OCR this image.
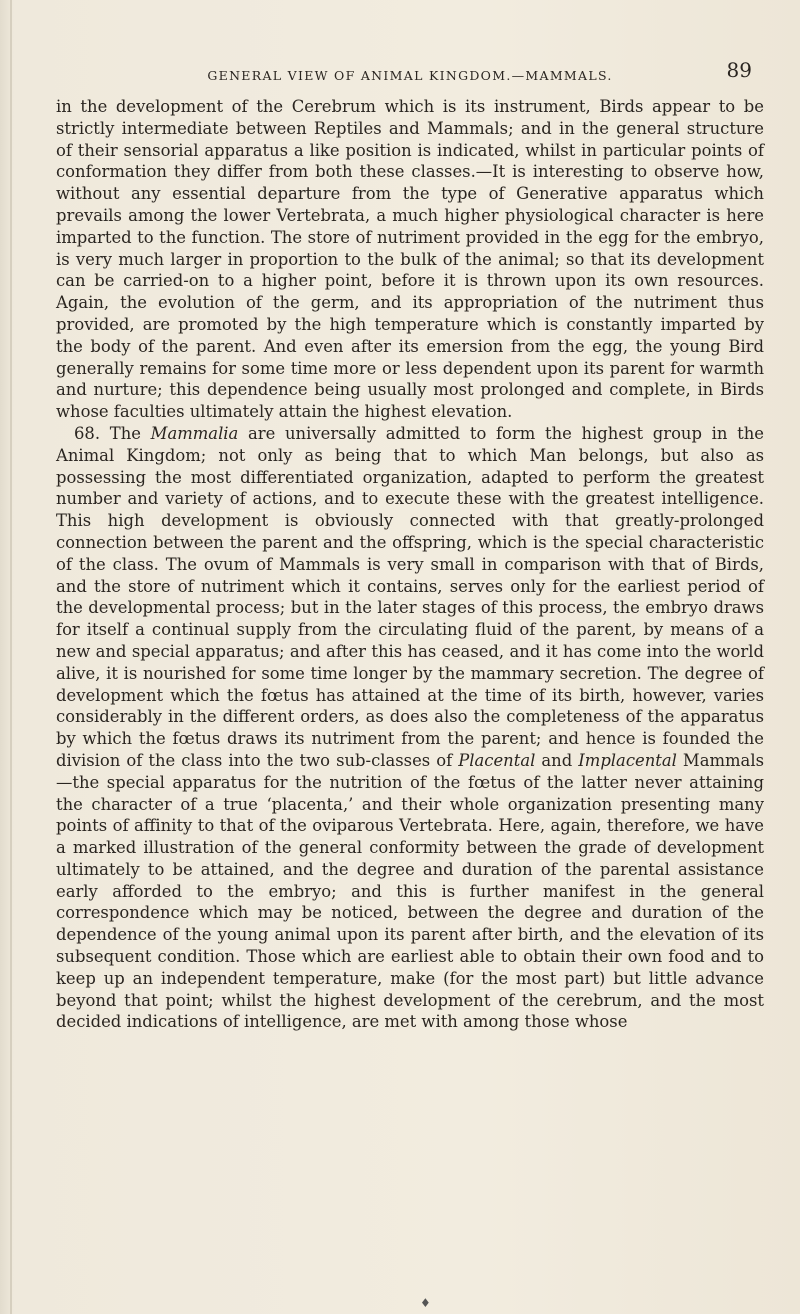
GENERAL VIEW OF ANIMAL KINGDOM.—MAMMALS.	89

in the development of the Cerebrum which is its instrument, Birds appear to be strictly intermediate between Reptiles and Mammals; and in the general structure of their sensorial apparatus a like position is indicated, whilst in particular points of conformation they differ from both these classes.—It is interesting to observe how, without any essential departure from the type of Generative apparatus which prevails among the lower Vertebrata, a much higher physiological character is here imparted to the function. The store of nutriment provided in the egg for the embryo, is very much larger in proportion to the bulk of the animal; so that its development can be carried-on to a higher point, before it is thrown upon its own resources. Again, the evolution of the germ, and its appropriation of the nutriment thus provided, are promoted by the high temperature which is constantly imparted by the body of the parent. And even after its emersion from the egg, the young Bird generally remains for some time more or less dependent upon its parent for warmth and nurture; this dependence being usually most prolonged and complete, in Birds whose faculties ultimately attain the highest elevation.

68. The Mammalia are universally admitted to form the highest group in the Animal Kingdom; not only as being that to which Man belongs, but also as possessing the most differentiated organization, adapted to perform the greatest number and variety of actions, and to execute these with the greatest intelligence. This high development is obviously connected with that greatly-prolonged connection between the parent and the offspring, which is the special characteristic of the class. The ovum of Mammals is very small in comparison with that of Birds, and the store of nutriment which it contains, serves only for the earliest period of the developmental process; but in the later stages of this process, the embryo draws for itself a continual supply from the circulating fluid of the parent, by means of a new and special apparatus; and after this has ceased, and it has come into the world alive, it is nourished for some time longer by the mammary secretion. The degree of development which the fœtus has attained at the time of its birth, however, varies considerably in the different orders, as does also the completeness of the apparatus by which the fœtus draws its nutriment from the parent; and hence is founded the division of the class into the two sub-classes of Placental and Implacental Mammals—the special apparatus for the nutrition of the fœtus of the latter never attaining the character of a true ‘placenta,’ and their whole organization presenting many points of affinity to that of the oviparous Vertebrata. Here, again, therefore, we have a marked illustration of the general conformity between the grade of development ultimately to be attained, and the degree and duration of the parental assistance early afforded to the embryo; and this is further manifest in the general correspondence which may be noticed, between the degree and duration of the dependence of the young animal upon its parent after birth, and the elevation of its subsequent condition. Those which are earliest able to obtain their own food and to keep up an independent temperature, make (for the most part) but little advance beyond that point; whilst the highest development of the cerebrum, and the most decided indications of intelligence, are met with among those whose

♦
